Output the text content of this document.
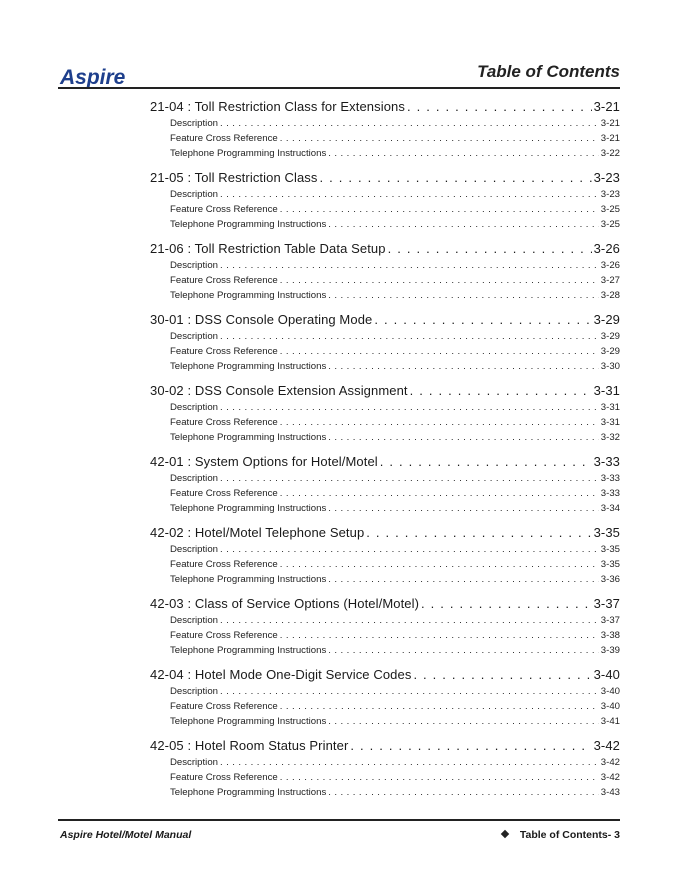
Aspire	Table of Contents
21-04 : Toll Restriction Class for Extensions . . .	3-21
Description . . .	3-21
Feature Cross Reference . . .	3-21
Telephone Programming Instructions . . .	3-22
21-05 : Toll Restriction Class . . .	3-23
Description . . .	3-23
Feature Cross Reference . . .	3-25
Telephone Programming Instructions . . .	3-25
21-06 : Toll Restriction Table Data Setup . . .	3-26
Description . . .	3-26
Feature Cross Reference . . .	3-27
Telephone Programming Instructions . . .	3-28
30-01 : DSS Console Operating Mode . . .	3-29
Description . . .	3-29
Feature Cross Reference . . .	3-29
Telephone Programming Instructions . . .	3-30
30-02 : DSS Console Extension Assignment . . .	3-31
Description . . .	3-31
Feature Cross Reference . . .	3-31
Telephone Programming Instructions . . .	3-32
42-01 : System Options for Hotel/Motel . . .	3-33
Description . . .	3-33
Feature Cross Reference . . .	3-33
Telephone Programming Instructions . . .	3-34
42-02 : Hotel/Motel Telephone Setup . . .	3-35
Description . . .	3-35
Feature Cross Reference . . .	3-35
Telephone Programming Instructions . . .	3-36
42-03 : Class of Service Options (Hotel/Motel) . . .	3-37
Description . . .	3-37
Feature Cross Reference . . .	3-38
Telephone Programming Instructions . . .	3-39
42-04 : Hotel Mode One-Digit Service Codes . . .	3-40
Description . . .	3-40
Feature Cross Reference . . .	3-40
Telephone Programming Instructions . . .	3-41
42-05 : Hotel Room Status Printer . . .	3-42
Description . . .	3-42
Feature Cross Reference . . .	3-42
Telephone Programming Instructions . . .	3-43
Aspire Hotel/Motel Manual	Table of Contents- 3
